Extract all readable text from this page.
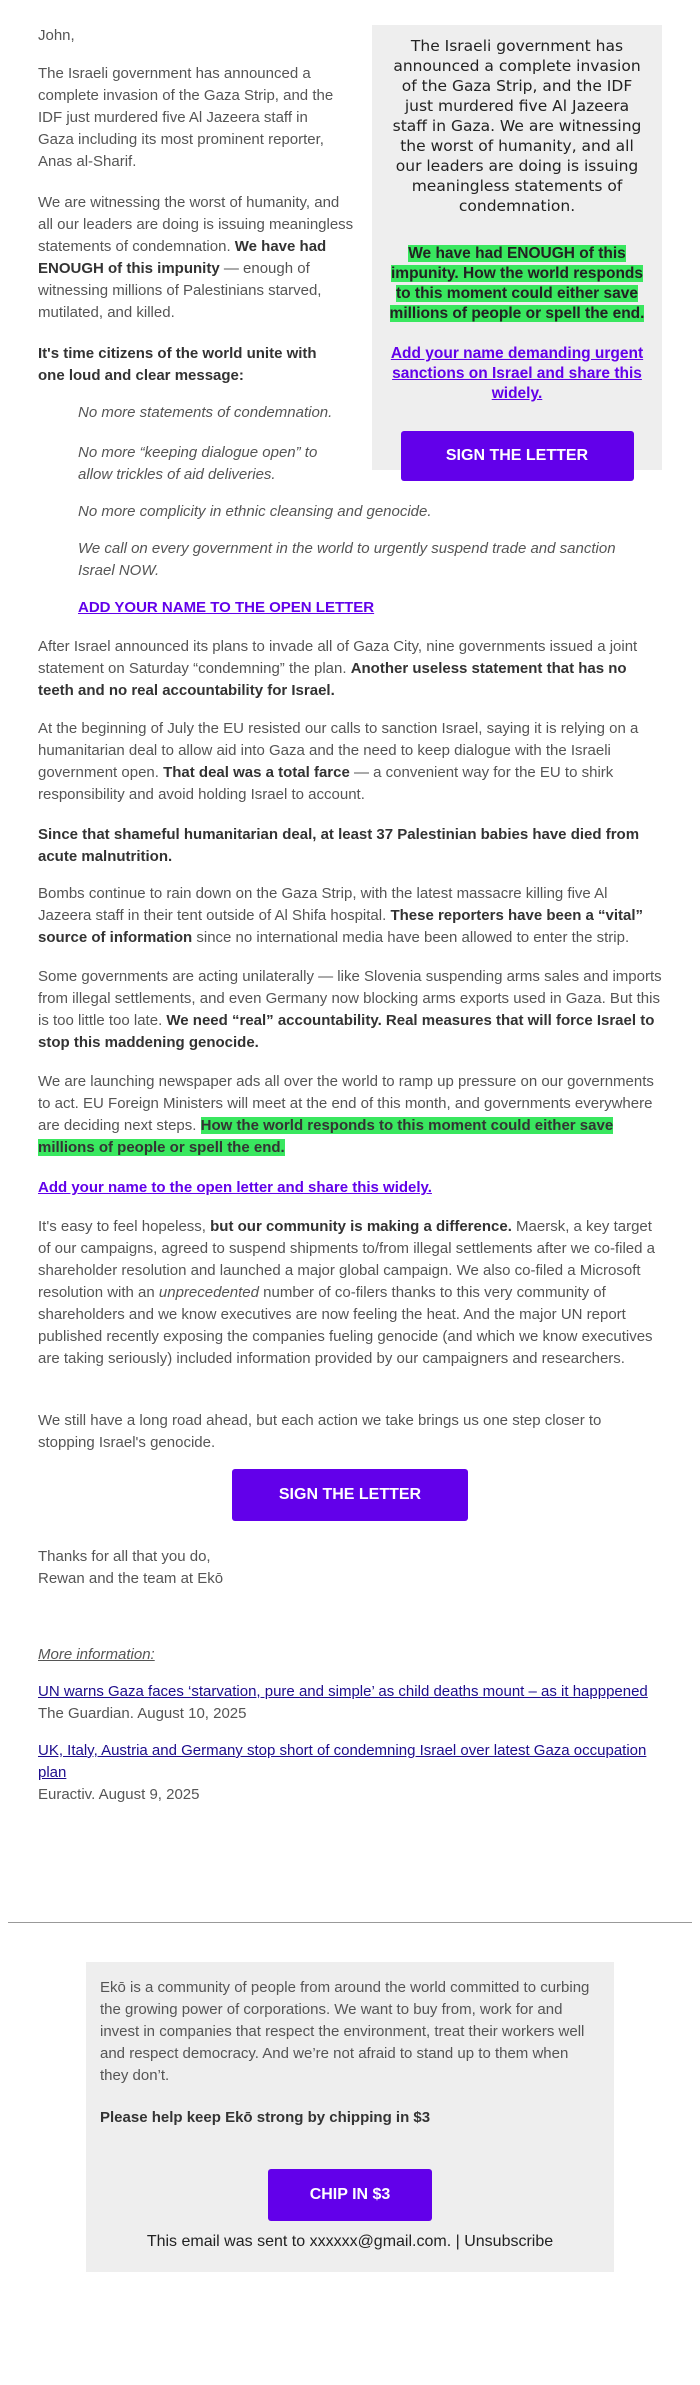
John,

The Israeli government has announced a complete invasion of the Gaza Strip, and the IDF just murdered five Al Jazeera staff in Gaza. We are witnessing the worst of humanity, and all our leaders are doing is issuing meaningless statements of condemnation.

We have had ENOUGH of this impunity. How the world responds to this moment could either save millions of people or spell the end.

Add your name demanding urgent sanctions on Israel and share this widely.
SIGN THE LETTER

The Israeli government has announced a complete invasion of the Gaza Strip, and the IDF just murdered five Al Jazeera staff in Gaza including its most prominent reporter, Anas al-Sharif.

We are witnessing the worst of humanity, and all our leaders are doing is issuing meaningless statements of condemnation. We have had ENOUGH of this impunity — enough of witnessing millions of Palestinians starved, mutilated, and killed.

It's time citizens of the world unite with one loud and clear message:

No more statements of condemnation.

No more “keeping dialogue open” to allow trickles of aid deliveries.

No more complicity in ethnic cleansing and genocide.

We call on every government in the world to urgently suspend trade and sanction Israel NOW.

ADD YOUR NAME TO THE OPEN LETTER

After Israel announced its plans to invade all of Gaza City, nine governments issued a joint statement on Saturday “condemning” the plan. Another useless statement that has no teeth and no real accountability for Israel.

At the beginning of July the EU resisted our calls to sanction Israel, saying it is relying on a humanitarian deal to allow aid into Gaza and the need to keep dialogue with the Israeli government open. That deal was a total farce — a convenient way for the EU to shirk responsibility and avoid holding Israel to account.

Since that shameful humanitarian deal, at least 37 Palestinian babies have died from acute malnutrition.

Bombs continue to rain down on the Gaza Strip, with the latest massacre killing five Al Jazeera staff in their tent outside of Al Shifa hospital. These reporters have been a “vital” source of information since no international media have been allowed to enter the strip.

Some governments are acting unilaterally — like Slovenia suspending arms sales and imports from illegal settlements, and even Germany now blocking arms exports used in Gaza. But this is too little too late. We need “real” accountability. Real measures that will force Israel to stop this maddening genocide.

We are launching newspaper ads all over the world to ramp up pressure on our governments to act. EU Foreign Ministers will meet at the end of this month, and governments everywhere are deciding next steps. How the world responds to this moment could either save millions of people or spell the end.

Add your name to the open letter and share this widely.

It's easy to feel hopeless, but our community is making a difference. Maersk, a key target of our campaigns, agreed to suspend shipments to/from illegal settlements after we co-filed a shareholder resolution and launched a major global campaign. We also co-filed a Microsoft resolution with an unprecedented number of co-filers thanks to this very community of shareholders and we know executives are now feeling the heat. And the major UN report published recently exposing the companies fueling genocide (and which we know executives are taking seriously) included information provided by our campaigners and researchers.

We still have a long road ahead, but each action we take brings us one step closer to stopping Israel's genocide.

SIGN THE LETTER

Thanks for all that you do,

Rewan and the team at Ekō

More information:

UN warns Gaza faces ‘starvation, pure and simple’ as child deaths mount – as it happpened

The Guardian. August 10, 2025

UK, Italy, Austria and Germany stop short of condemning Israel over latest Gaza occupation plan

Euractiv. August 9, 2025

Ekō is a community of people from around the world committed to curbing the growing power of corporations. We want to buy from, work for and invest in companies that respect the environment, treat their workers well and respect democracy. And we’re not afraid to stand up to them when they don’t.

Please help keep Ekō strong by chipping in $3

CHIP IN $3

This email was sent to xxxxxx@gmail.com. | Unsubscribe
